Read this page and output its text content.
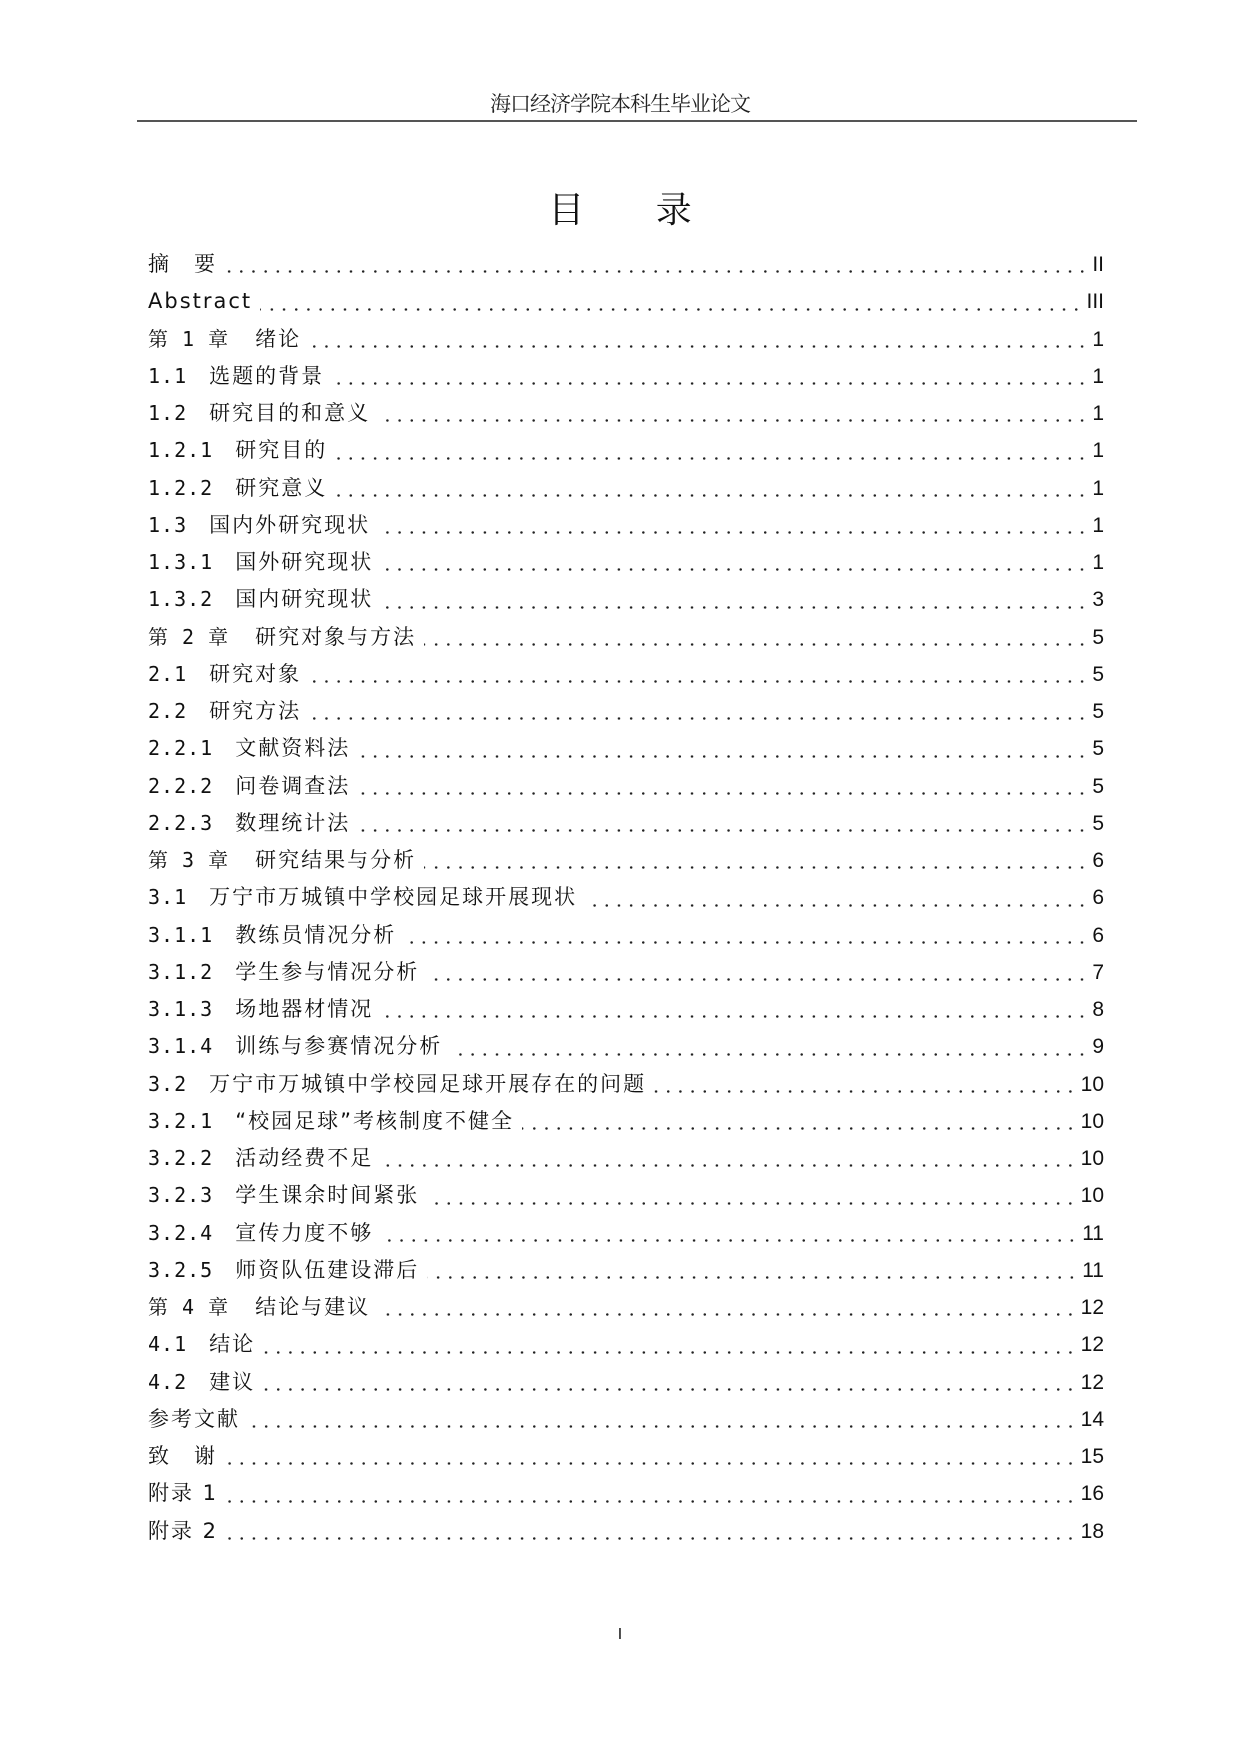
海口经济学院本科生毕业论文
目 录
摘　要	II
Abstract	III
第 1 章 绪论	1
1.1 选题的背景	1
1.2 研究目的和意义	1
1.2.1 研究目的	1
1.2.2 研究意义	1
1.3 国内外研究现状	1
1.3.1 国外研究现状	1
1.3.2 国内研究现状	3
第 2 章 研究对象与方法	5
2.1 研究对象	5
2.2 研究方法	5
2.2.1 文献资料法	5
2.2.2 问卷调查法	5
2.2.3 数理统计法	5
第 3 章 研究结果与分析	6
3.1 万宁市万城镇中学校园足球开展现状	6
3.1.1 教练员情况分析	6
3.1.2 学生参与情况分析	7
3.1.3 场地器材情况	8
3.1.4 训练与参赛情况分析	9
3.2 万宁市万城镇中学校园足球开展存在的问题	10
3.2.1 “校园足球”考核制度不健全	10
3.2.2 活动经费不足	10
3.2.3 学生课余时间紧张	10
3.2.4 宣传力度不够	11
3.2.5 师资队伍建设滞后	11
第 4 章 结论与建议	12
4.1 结论	12
4.2 建议	12
参考文献	14
致　谢	15
附录 1	16
附录 2	18
I
